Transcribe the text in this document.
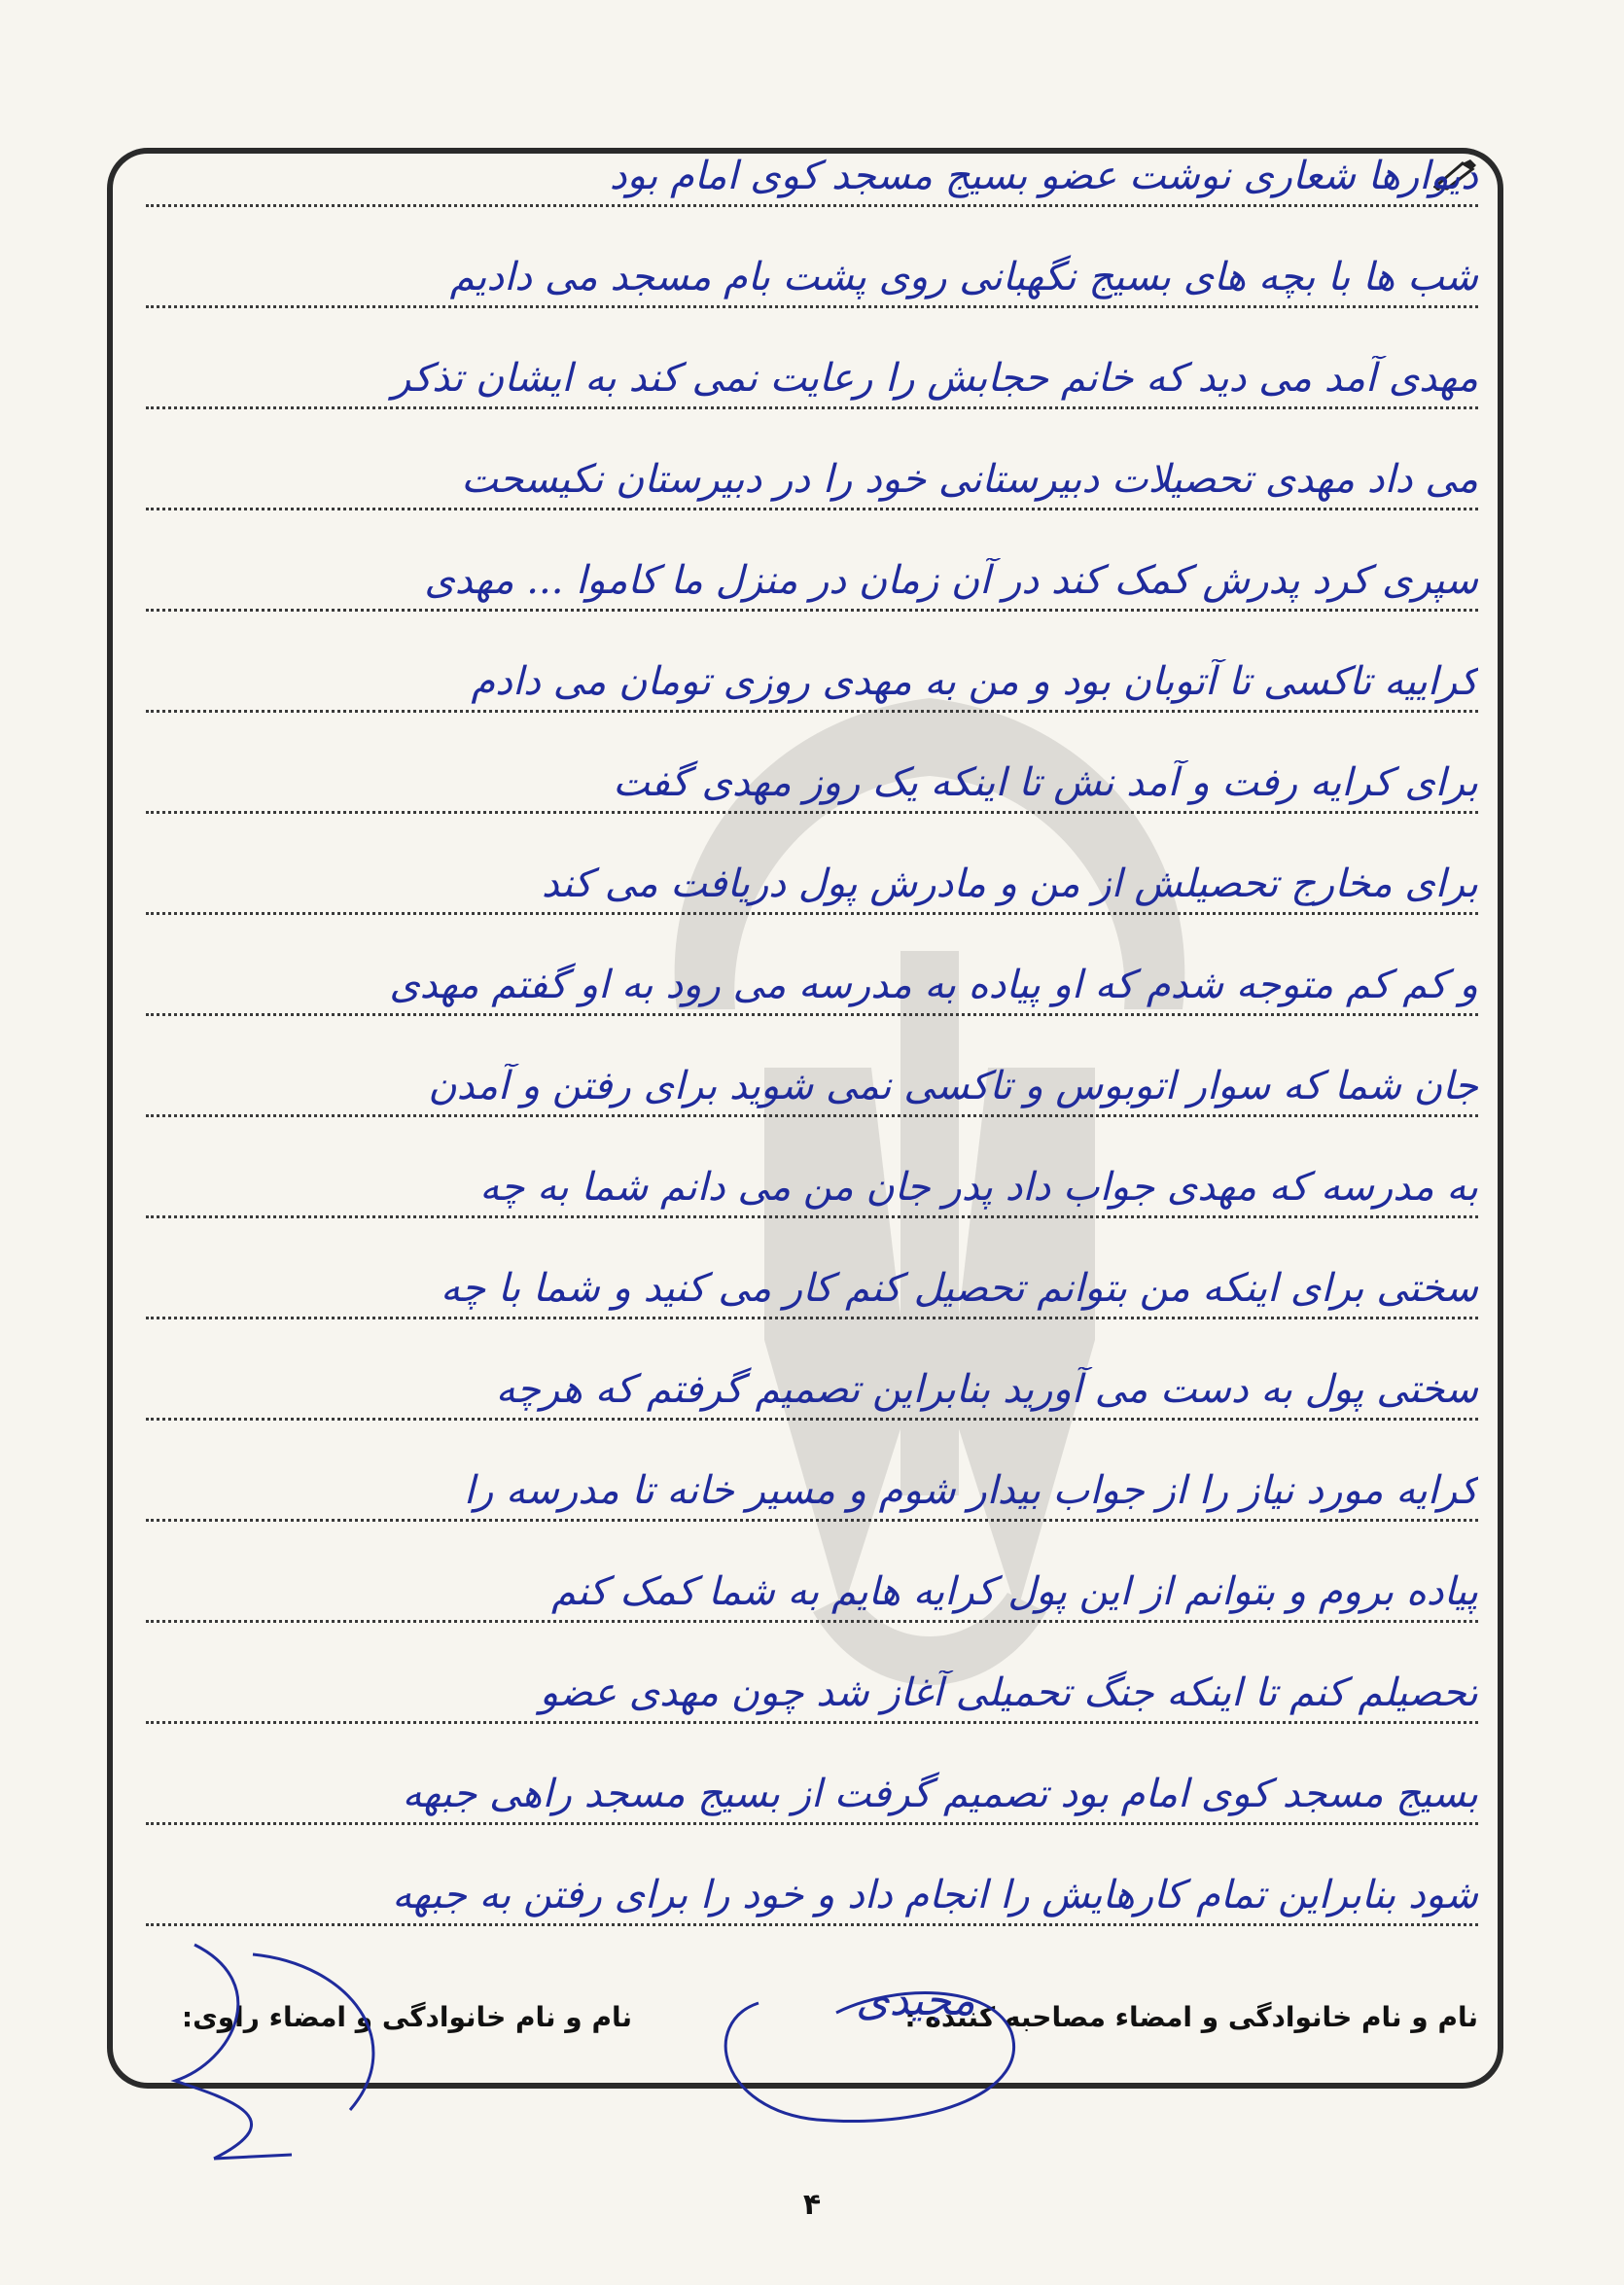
دیوارها شعاری نوشت عضو بسیج مسجد کوی امام بود
شب ها با بچه های بسیج نگهبانی روی پشت بام مسجد می دادیم
مهدی آمد می دید که خانم حجابش را رعایت نمی کند به ایشان تذکر
می داد مهدی تحصیلات دبیرستانی خود را در دبیرستان نکیسحت
سپری کرد پدرش کمک کند در آن زمان در منزل ما کاموا ... مهدی
کراییه تاکسی تا آتوبان بود و من به مهدی روزی تومان می دادم
برای کرایه رفت و آمد نش تا اینکه یک روز مهدی گفت
برای مخارج تحصیلش از من و مادرش پول دریافت می کند
و کم کم متوجه شدم که او پیاده به مدرسه می رود به او گفتم مهدی
جان شما که سوار اتوبوس و تاکسی نمی شوید برای رفتن و آمدن
به مدرسه که مهدی جواب داد پدر جان من می دانم شما به چه
سختی برای اینکه من بتوانم تحصیل کنم کار می کنید و شما با چه
سختی پول به دست می آورید بنابراین تصمیم گرفتم که هرچه
کرایه مورد نیاز را از جواب بیدار شوم و مسیر خانه تا مدرسه را
پیاده بروم و بتوانم از این پول کرایه هایم به شما کمک کنم
تحصیلم کنم تا اینکه جنگ تحمیلی آغاز شد چون مهدی عضو
بسیج مسجد کوی امام بود تصمیم گرفت از بسیج مسجد راهی جبهه
شود بنابراین تمام کارهایش را انجام داد و خود را برای رفتن به جبهه
نام و نام خانوادگی و امضاء مصاحبه کننده :
نام و نام خانوادگی و امضاء راوی:	مجیدی
۴
